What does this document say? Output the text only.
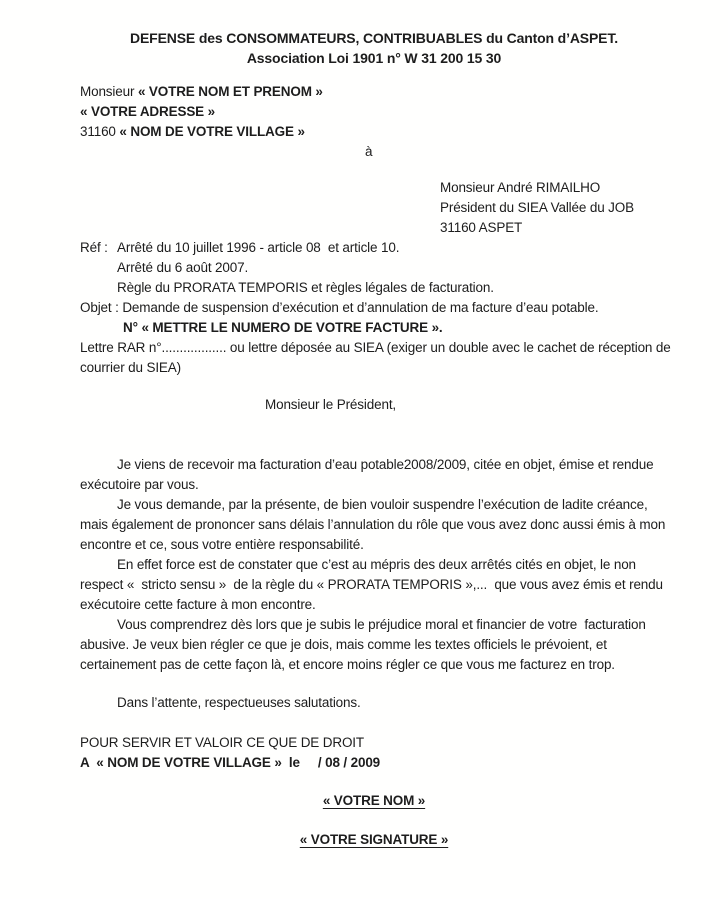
DEFENSE des CONSOMMATEURS, CONTRIBUABLES du Canton d’ASPET.
Association Loi 1901 n° W 31 200 15 30
Monsieur « VOTRE NOM ET PRENOM »
« VOTRE ADRESSE »
31160 « NOM DE VOTRE VILLAGE »
à
Monsieur André RIMAILHO
Président du SIEA Vallée du JOB
31160 ASPET
Réf : Arrêté du 10 juillet 1996 - article 08  et article 10.
Arrêté du 6 août 2007.
Règle du PRORATA TEMPORIS et règles légales de facturation.
Objet : Demande de suspension d’exécution et d’annulation de ma facture d’eau potable.
N° « METTRE LE NUMERO DE VOTRE FACTURE ».
Lettre RAR n°.................. ou lettre déposée au SIEA (exiger un double avec le cachet de réception de
courrier du SIEA)
Monsieur le Président,

Je viens de recevoir ma facturation d’eau potable2008/2009, citée en objet, émise et rendue
exécutoire par vous.

Je vous demande, par la présente, de bien vouloir suspendre l’exécution de ladite créance,
mais également de prononcer sans délais l’annulation du rôle que vous avez donc aussi émis à mon
encontre et ce, sous votre entière responsabilité.

En effet force est de constater que c’est au mépris des deux arrêtés cités en objet, le non
respect «  stricto sensu »  de la règle du « PRORATA TEMPORIS »,...  que vous avez émis et rendu
exécutoire cette facture à mon encontre.

Vous comprendrez dès lors que je subis le préjudice moral et financier de votre  facturation
abusive. Je veux bien régler ce que je dois, mais comme les textes officiels le prévoient, et
certainement pas de cette façon là, et encore moins régler ce que vous me facturez en trop.

Dans l’attente, respectueuses salutations.
POUR SERVIR ET VALOIR CE QUE DE DROIT
A  « NOM DE VOTRE VILLAGE »  le     / 08 / 2009
« VOTRE NOM »
« VOTRE SIGNATURE »
